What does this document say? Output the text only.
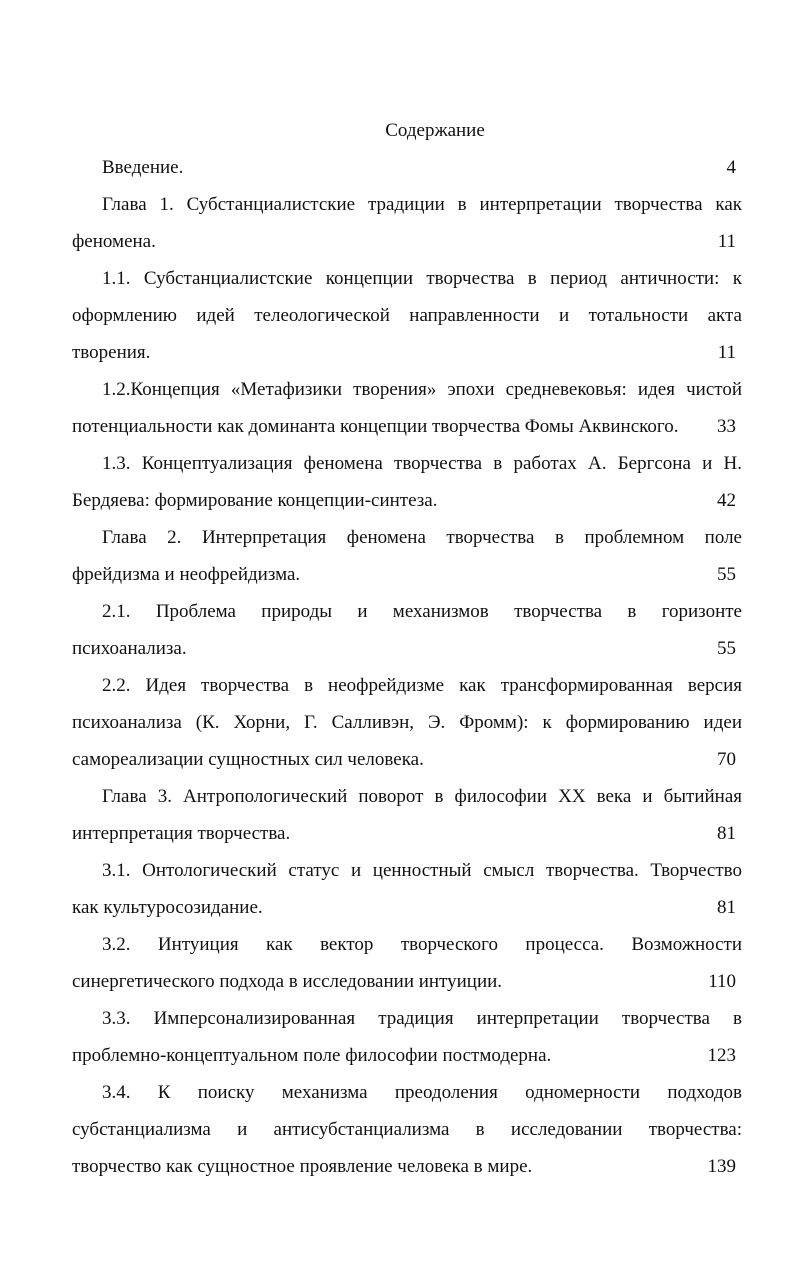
Содержание
Введение.	4
Глава 1. Субстанциалистские традиции в интерпретации творчества как
феномена.	11
1.1. Субстанциалистские концепции творчества в период античности: к
оформлению идей телеологической направленности и тотальности акта
творения.	11
1.2.Концепция «Метафизики творения» эпохи средневековья: идея чистой
потенциальности как доминанта концепции творчества Фомы Аквинского. 33
1.3. Концептуализация феномена творчества в работах А. Бергсона и Н.
Бердяева: формирование концепции-синтеза.	42
Глава 2. Интерпретация феномена творчества в проблемном поле
фрейдизма и неофрейдизма.	55
2.1. Проблема природы и механизмов творчества в горизонте
психоанализа.	55
2.2. Идея творчества в неофрейдизме как трансформированная версия
психоанализа (К. Хорни, Г. Салливэн, Э. Фромм): к формированию идеи
самореализации сущностных сил человека.	70
Глава 3. Антропологический поворот в философии XX века и бытийная
интерпретация творчества.	81
3.1. Онтологический статус и ценностный смысл творчества. Творчество
как культуросозидание.	81
3.2. Интуиция как вектор творческого процесса. Возможности
синергетического подхода в исследовании интуиции.	110
3.3. Имперсонализированная традиция интерпретации творчества в
проблемно-концептуальном поле философии постмодерна.	123
3.4. К поиску механизма преодоления одномерности подходов
субстанциализма и антисубстанциализма в исследовании творчества:
творчество как сущностное проявление человека в мире.	139
